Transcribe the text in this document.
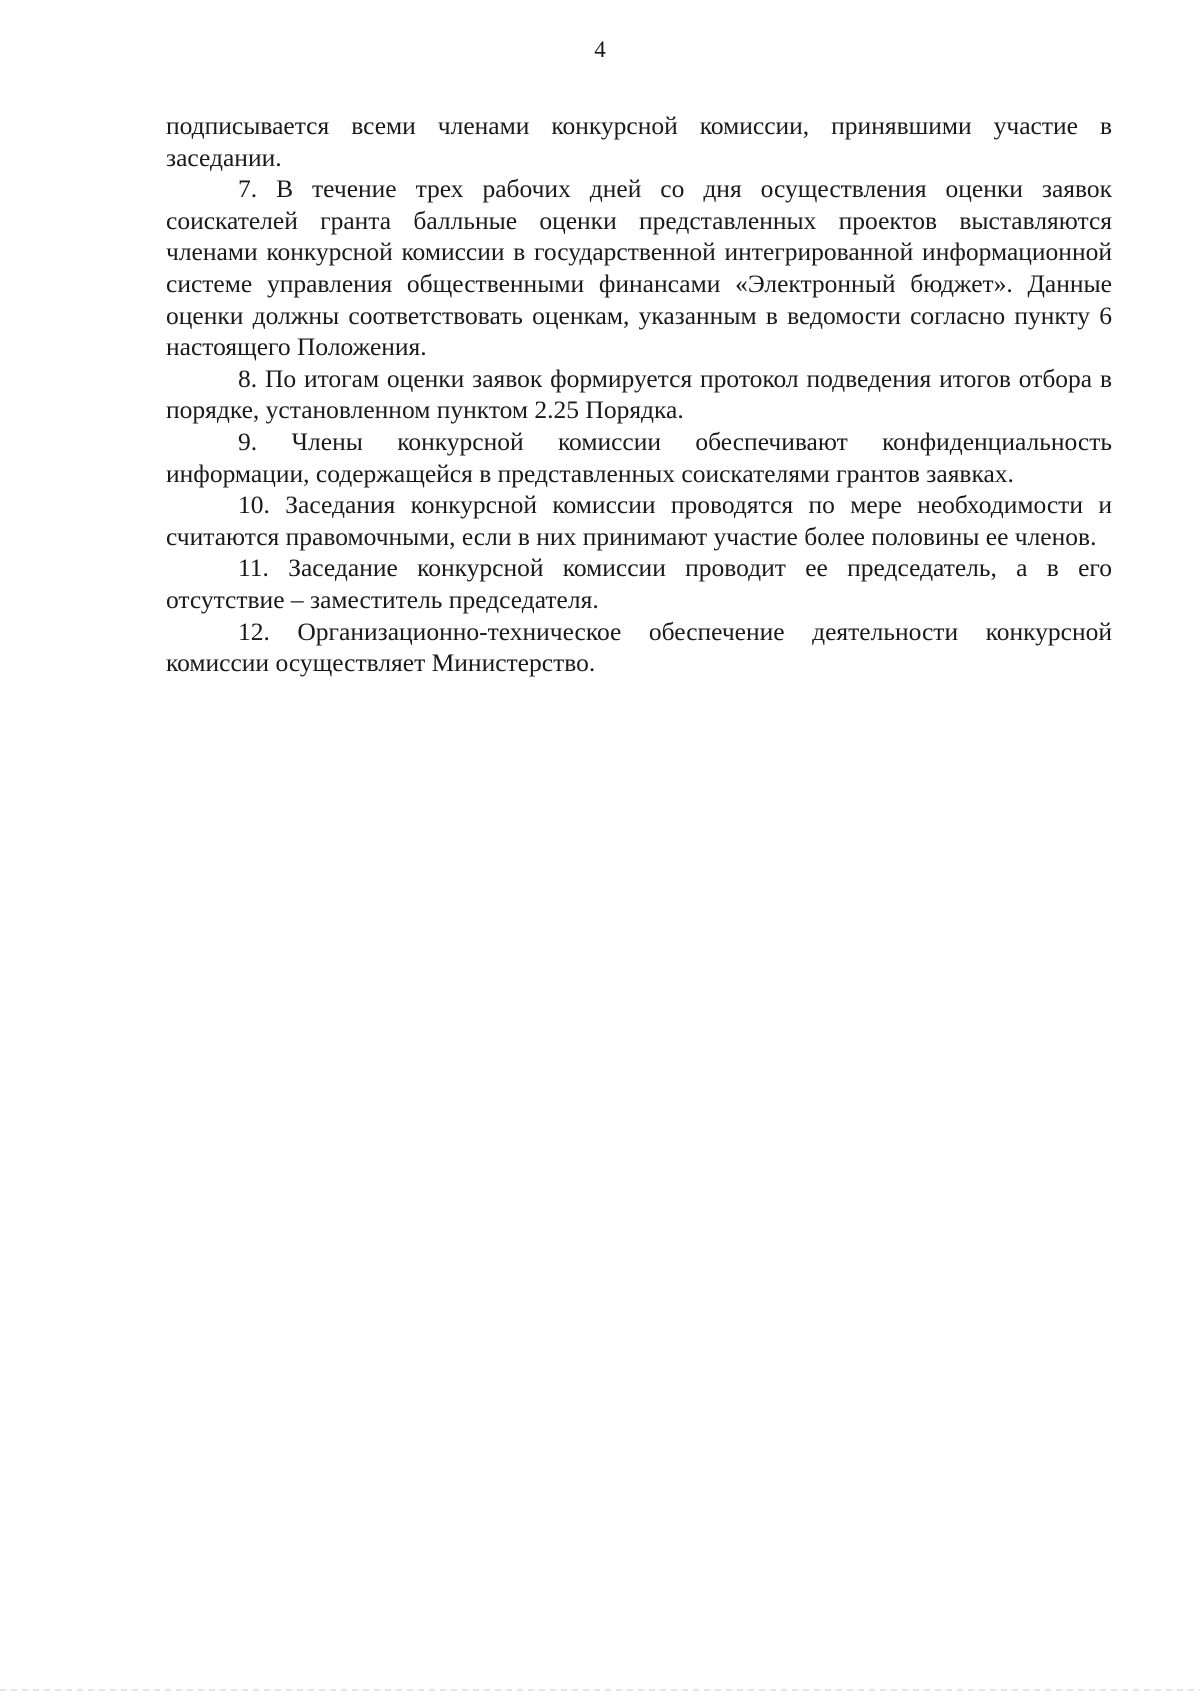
4

подписывается всеми членами конкурсной комиссии, принявшими участие в заседании.

7. В течение трех рабочих дней со дня осуществления оценки заявок соискателей гранта балльные оценки представленных проектов выставляются членами конкурсной комиссии в государственной интегрированной информационной системе управления общественными финансами «Электронный бюджет». Данные оценки должны соответствовать оценкам, указанным в ведомости согласно пункту 6 настоящего Положения.

8. По итогам оценки заявок формируется протокол подведения итогов отбора в порядке, установленном пунктом 2.25 Порядка.

9. Члены конкурсной комиссии обеспечивают конфиденциальность информации, содержащейся в представленных соискателями грантов заявках.

10. Заседания конкурсной комиссии проводятся по мере необходимости и считаются правомочными, если в них принимают участие более половины ее членов.

11. Заседание конкурсной комиссии проводит ее председатель, а в его отсутствие – заместитель председателя.

12. Организационно-техническое обеспечение деятельности конкурсной комиссии осуществляет Министерство.
